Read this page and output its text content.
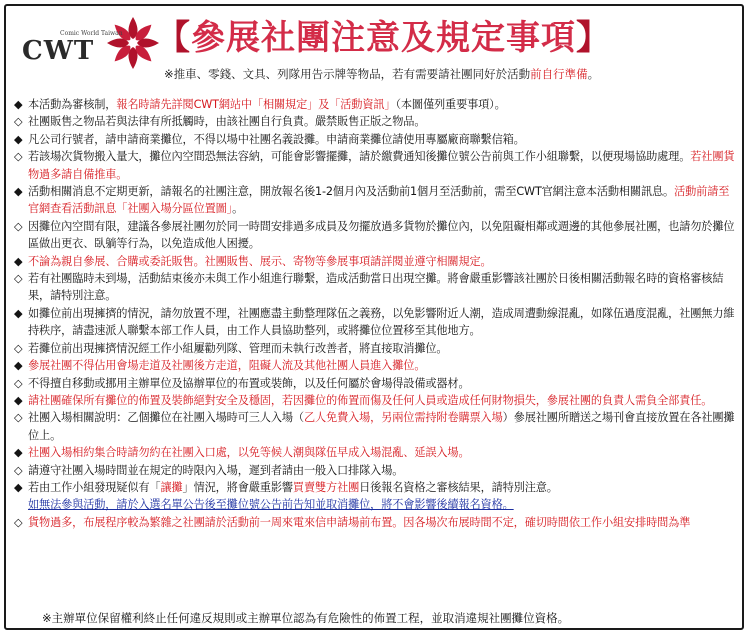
Comic World Taiwan
CWT 【參展社團注意及規定事項】
※推車、零錢、文具、列隊用告示牌等物品，若有需要請社團同好於活動前自行準備。

◆ 本活動為審核制，報名時請先詳閱CWT網站中「相關規定」及「活動資訊」（本圖僅列重要事項）。

◇ 社團販售之物品若與法律有所抵觸時，由該社團自行負責。嚴禁販售正版之物品。

◆ 凡公司行號者，請申請商業攤位，不得以場中社團名義設攤。申請商業攤位請使用專屬廠商聯繫信箱。

◇ 若該場次貨物搬入量大，攤位內空間恐無法容納，可能會影響擺攤，請於繳費通知後攤位號公告前與工作小組聯繫，以便現場協助處理。若社團貨物過多請自備推車。

◆ 活動相關消息不定期更新，請報名的社團注意，開放報名後1-2個月內及活動前1個月至活動前，需至CWT官網注意本活動相關訊息。活動前請至官網查看活動訊息「社團入場分區位置圖」。

◇ 因攤位內空間有限，建議各參展社團勿於同一時間安排過多成員及勿擺放過多貨物於攤位內，以免阻礙相鄰或週邊的其他參展社團，也請勿於攤位區做出更衣、臥躺等行為，以免造成他人困擾。

◆ 不論為親自參展、合購或委託販售。社團販售、展示、寄物等參展事項請詳閱並遵守相關規定。

◇ 若有社團臨時未到場，活動結束後亦未與工作小組進行聯繫，造成活動當日出現空攤。將會嚴重影響該社團於日後相關活動報名時的資格審核結果，請特別注意。

◆ 如攤位前出現擁擠的情況，請勿放置不理，社團應盡主動整理隊伍之義務，以免影響附近人潮，造成周遭動線混亂，如隊伍過度混亂，社團無力維持秩序，請盡速派人聯繫本部工作人員，由工作人員協助整列，或將攤位位置移至其他地方。

◇ 若攤位前出現擁擠情況經工作小組屢勸列隊、管理而未執行改善者，將直接取消攤位。

◆ 參展社團不得佔用會場走道及社團後方走道，阻礙人流及其他社團人員進入攤位。

◇ 不得擅自移動或挪用主辦單位及協辦單位的布置或裝飾，以及任何屬於會場得設備或器材。

◆ 請社團確保所有攤位的佈置及裝飾絕對安全及穩固，若因攤位的佈置而傷及任何人員或造成任何財物損失，參展社團的負責人需負全部責任。

◇ 社團入場相關說明：乙個攤位在社團入場時可三人入場（乙人免費入場，另兩位需持附卷購票入場）參展社團所贈送之場刊會直接放置在各社團攤位上。

◆ 社團入場相約集合時請勿約在社團入口處，以免等候人潮與隊伍早成入場混亂、延誤入場。

◇ 請遵守社團入場時間並在規定的時限內入場，遲到者請由一般入口排隊入場。

◆ 若由工作小組發現疑似有「讓攤」情況，將會嚴重影響買賣雙方社團日後報名資格之審核結果，請特別注意。

如無法參與活動，請於入選名單公告後至攤位號公告前告知並取消攤位，將不會影響後續報名資格。

◇ 貨物過多，布展程序較為繁雜之社團請於活動前一周來電來信申請場前布置。因各場次布展時間不定，確切時間依工作小組安排時間為準

※主辦單位保留權利終止任何違反規則或主辦單位認為有危險性的佈置工程，並取消違規社團攤位資格。
